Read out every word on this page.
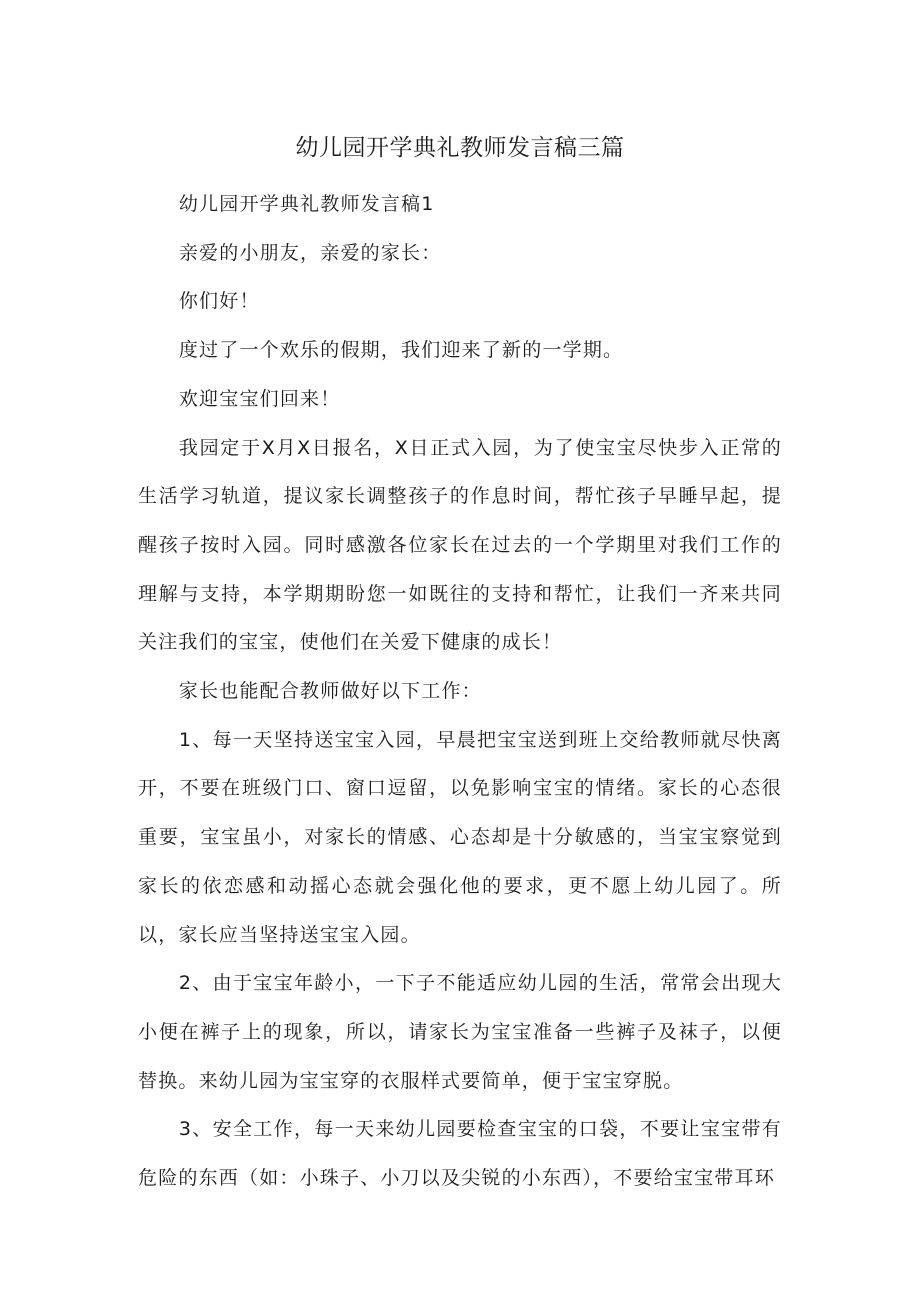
幼儿园开学典礼教师发言稿三篇

幼儿园开学典礼教师发言稿1

亲爱的小朋友，亲爱的家长：

你们好！

度过了一个欢乐的假期，我们迎来了新的一学期。

欢迎宝宝们回来！

我园定于X月X日报名，X日正式入园，为了使宝宝尽快步入正常的生活学习轨道，提议家长调整孩子的作息时间，帮忙孩子早睡早起，提醒孩子按时入园。同时感激各位家长在过去的一个学期里对我们工作的理解与支持，本学期期盼您一如既往的支持和帮忙，让我们一齐来共同关注我们的宝宝，使他们在关爱下健康的成长！

家长也能配合教师做好以下工作：

1、每一天坚持送宝宝入园，早晨把宝宝送到班上交给教师就尽快离开，不要在班级门口、窗口逗留，以免影响宝宝的情绪。家长的心态很重要，宝宝虽小，对家长的情感、心态却是十分敏感的，当宝宝察觉到家长的依恋感和动摇心态就会强化他的要求，更不愿上幼儿园了。所以，家长应当坚持送宝宝入园。

2、由于宝宝年龄小，一下子不能适应幼儿园的生活，常常会出现大小便在裤子上的现象，所以，请家长为宝宝准备一些裤子及袜子，以便替换。来幼儿园为宝宝穿的衣服样式要简单，便于宝宝穿脱。

3、安全工作，每一天来幼儿园要检查宝宝的口袋，不要让宝宝带有危险的东西（如：小珠子、小刀以及尖锐的小东西），不要给宝宝带耳环
